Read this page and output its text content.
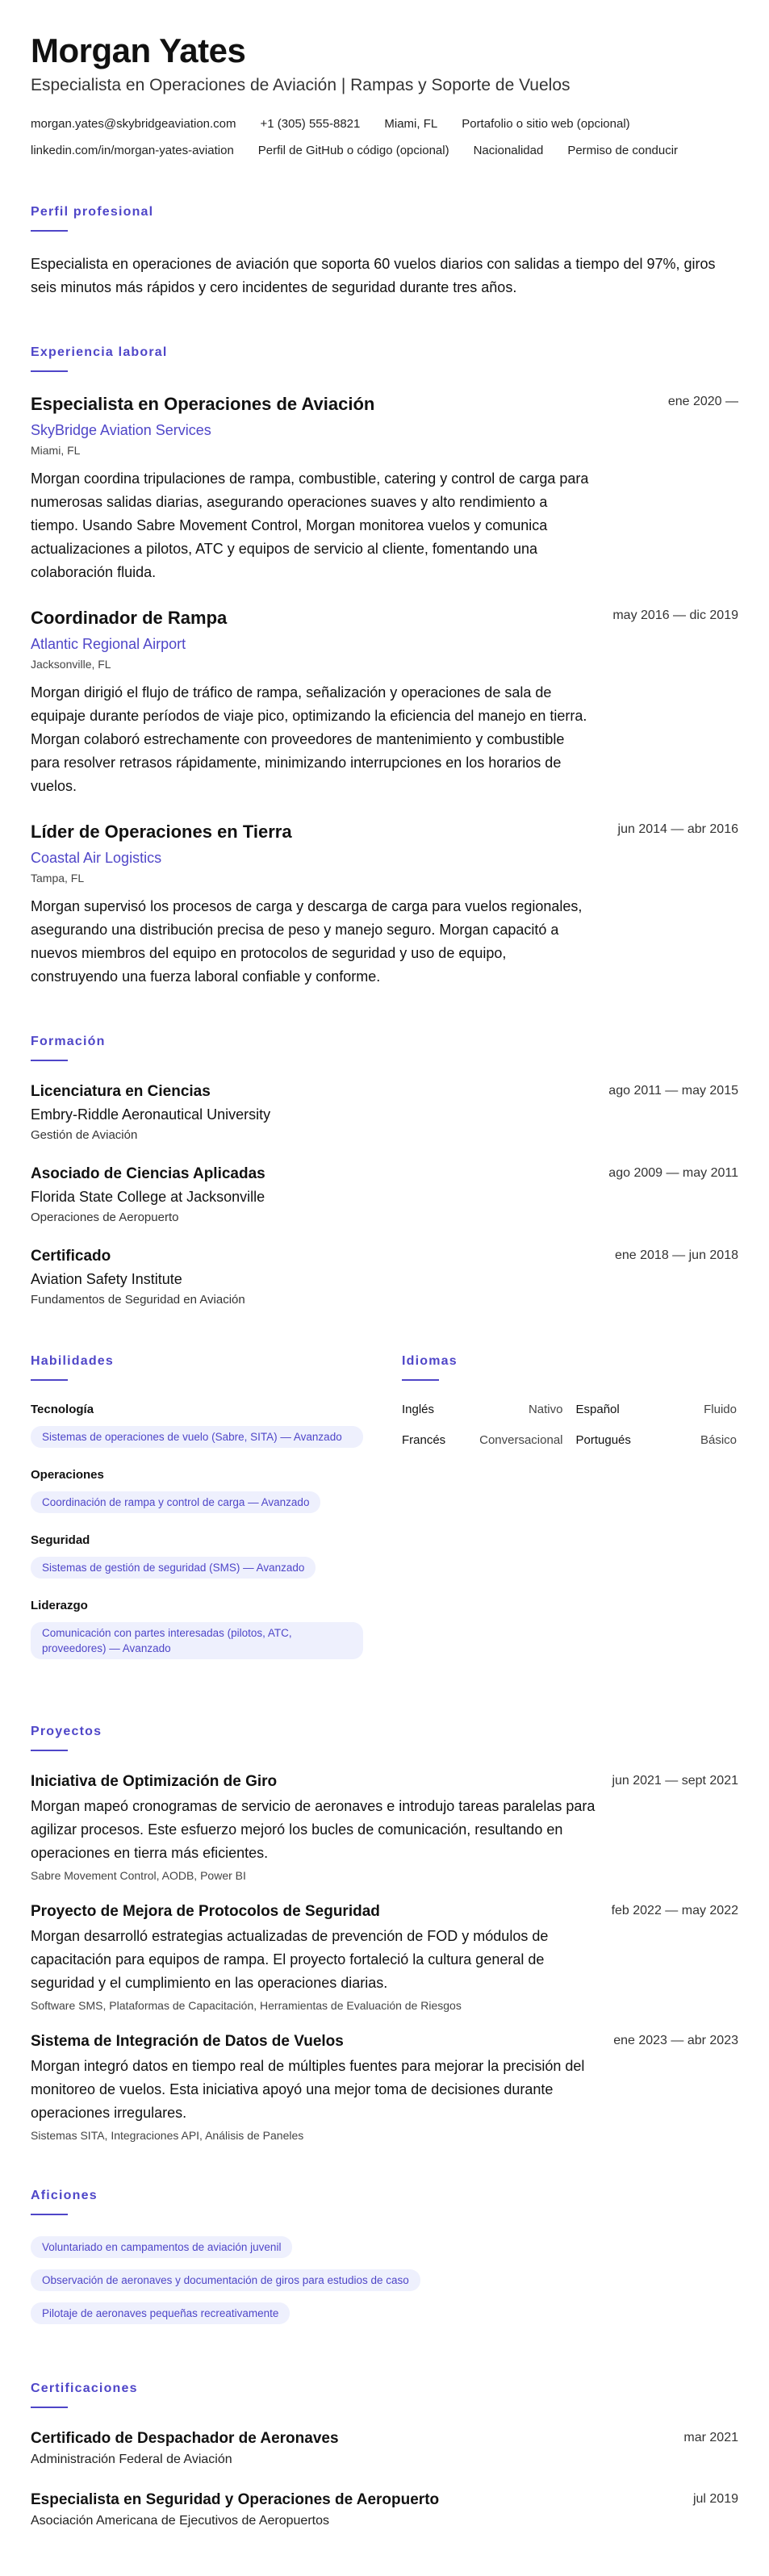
Morgan Yates
Especialista en Operaciones de Aviación | Rampas y Soporte de Vuelos
morgan.yates@skybridgeaviation.com +1 (305) 555-8821 Miami, FL Portafolio o sitio web (opcional)
linkedin.com/in/morgan-yates-aviation Perfil de GitHub o código (opcional) Nacionalidad Permiso de conducir
Perfil profesional

Especialista en operaciones de aviación que soporta 60 vuelos diarios con salidas a tiempo del 97%, giros seis minutos más rápidos y cero incidentes de seguridad durante tres años.

Experiencia laboral
Especialista en Operaciones de Aviación	ene 2020 —
SkyBridge Aviation Services
Miami, FL

Morgan coordina tripulaciones de rampa, combustible, catering y control de carga para numerosas salidas diarias, asegurando operaciones suaves y alto rendimiento a tiempo. Usando Sabre Movement Control, Morgan monitorea vuelos y comunica actualizaciones a pilotos, ATC y equipos de servicio al cliente, fomentando una colaboración fluida.

Coordinador de Rampa	may 2016 — dic 2019
Atlantic Regional Airport
Jacksonville, FL

Morgan dirigió el flujo de tráfico de rampa, señalización y operaciones de sala de equipaje durante períodos de viaje pico, optimizando la eficiencia del manejo en tierra. Morgan colaboró estrechamente con proveedores de mantenimiento y combustible para resolver retrasos rápidamente, minimizando interrupciones en los horarios de vuelos.

Líder de Operaciones en Tierra	jun 2014 — abr 2016
Coastal Air Logistics
Tampa, FL

Morgan supervisó los procesos de carga y descarga de carga para vuelos regionales, asegurando una distribución precisa de peso y manejo seguro. Morgan capacitó a nuevos miembros del equipo en protocolos de seguridad y uso de equipo, construyendo una fuerza laboral confiable y conforme.

Formación
Licenciatura en Ciencias	ago 2011 — may 2015
Embry-Riddle Aeronautical University
Gestión de Aviación
Asociado de Ciencias Aplicadas	ago 2009 — may 2011
Florida State College at Jacksonville
Operaciones de Aeropuerto
Certificado	ene 2018 — jun 2018
Aviation Safety Institute
Fundamentos de Seguridad en Aviación
Habilidades
Tecnología
Sistemas de operaciones de vuelo (Sabre, SITA) — Avanzado
Operaciones
Coordinación de rampa y control de carga — Avanzado
Seguridad
Sistemas de gestión de seguridad (SMS) — Avanzado
Liderazgo
Comunicación con partes interesadas (pilotos, ATC, proveedores) — Avanzado
Idiomas
Inglés	Nativo Español	Fluido
Francés	Conversacional Portugués	Básico
Proyectos
Iniciativa de Optimización de Giro	jun 2021 — sept 2021

Morgan mapeó cronogramas de servicio de aeronaves e introdujo tareas paralelas para agilizar procesos. Este esfuerzo mejoró los bucles de comunicación, resultando en operaciones en tierra más eficientes.

Sabre Movement Control, AODB, Power BI
Proyecto de Mejora de Protocolos de Seguridad	feb 2022 — may 2022

Morgan desarrolló estrategias actualizadas de prevención de FOD y módulos de capacitación para equipos de rampa. El proyecto fortaleció la cultura general de seguridad y el cumplimiento en las operaciones diarias.

Software SMS, Plataformas de Capacitación, Herramientas de Evaluación de Riesgos
Sistema de Integración de Datos de Vuelos	ene 2023 — abr 2023

Morgan integró datos en tiempo real de múltiples fuentes para mejorar la precisión del monitoreo de vuelos. Esta iniciativa apoyó una mejor toma de decisiones durante operaciones irregulares.

Sistemas SITA, Integraciones API, Análisis de Paneles
Aficiones
Voluntariado en campamentos de aviación juvenil
Observación de aeronaves y documentación de giros para estudios de caso
Pilotaje de aeronaves pequeñas recreativamente
Certificaciones
Certificado de Despachador de Aeronaves	mar 2021
Administración Federal de Aviación
Especialista en Seguridad y Operaciones de Aeropuerto	jul 2019
Asociación Americana de Ejecutivos de Aeropuertos
